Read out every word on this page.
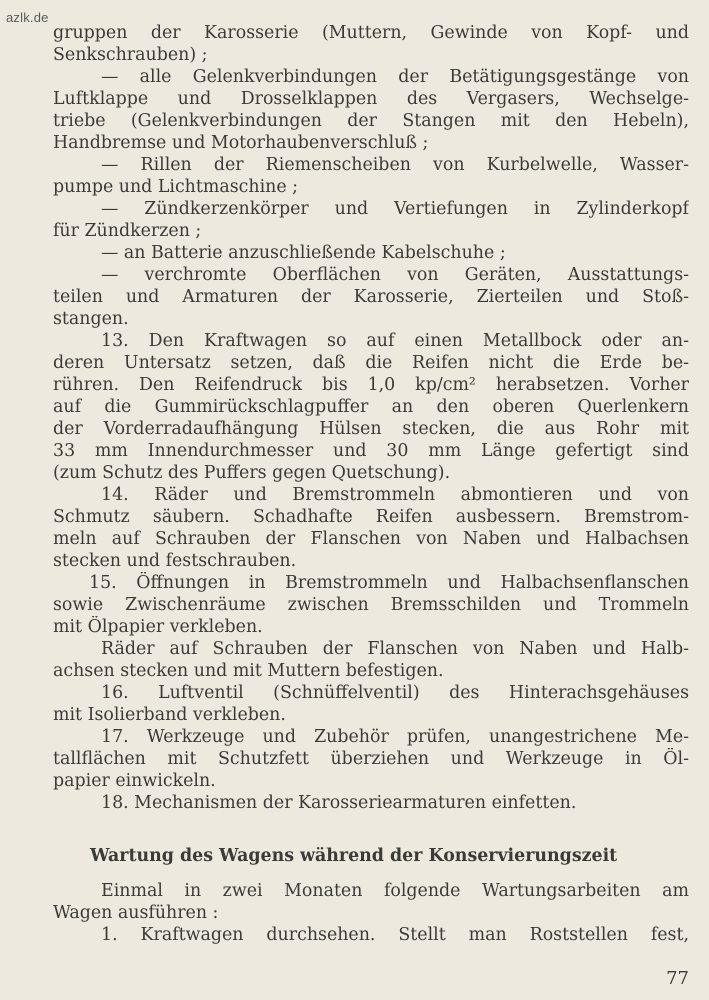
azlk.de
gruppen der Karosserie (Muttern, Gewinde von Kopf- und
Senkschrauben) ;
— alle Gelenkverbindungen der Betätigungsgestänge von
Luftklappe und Drosselklappen des Vergasers, Wechselge-
triebe (Gelenkverbindungen der Stangen mit den Hebeln),
Handbremse und Motorhaubenverschluß ;
— Rillen der Riemenscheiben von Kurbelwelle, Wasser-
pumpe und Lichtmaschine ;
— Zündkerzenkörper und Vertiefungen in Zylinderkopf
für Zündkerzen ;
— an Batterie anzuschließende Kabelschuhe ;
— verchromte Oberflächen von Geräten, Ausstattungs-
teilen und Armaturen der Karosserie, Zierteilen und Stoß-
stangen.
13. Den Kraftwagen so auf einen Metallbock oder an-
deren Untersatz setzen, daß die Reifen nicht die Erde be-
rühren. Den Reifendruck bis 1,0 kp/cm² herabsetzen. Vorher
auf die Gummirückschlagpuffer an den oberen Querlenkern
der Vorderradaufhängung Hülsen stecken, die aus Rohr mit
33 mm Innendurchmesser und 30 mm Länge gefertigt sind
(zum Schutz des Puffers gegen Quetschung).
14. Räder und Bremstrommeln abmontieren und von
Schmutz säubern. Schadhafte Reifen ausbessern. Bremstrom-
meln auf Schrauben der Flanschen von Naben und Halbachsen
stecken und festschrauben.
15. Öffnungen in Bremstrommeln und Halbachsenflanschen
sowie Zwischenräume zwischen Bremsschilden und Trommeln
mit Ölpapier verkleben.
Räder auf Schrauben der Flanschen von Naben und Halb-
achsen stecken und mit Muttern befestigen.
16. Luftventil (Schnüffelventil) des Hinterachsgehäuses
mit Isolierband verkleben.
17. Werkzeuge und Zubehör prüfen, unangestrichene Me-
tallflächen mit Schutzfett überziehen und Werkzeuge in Öl-
papier einwickeln.
18. Mechanismen der Karosseriearmaturen einfetten.
Wartung des Wagens während der Konservierungszeit
Einmal in zwei Monaten folgende Wartungsarbeiten am
Wagen ausführen :
1. Kraftwagen durchsehen. Stellt man Roststellen fest,
77
